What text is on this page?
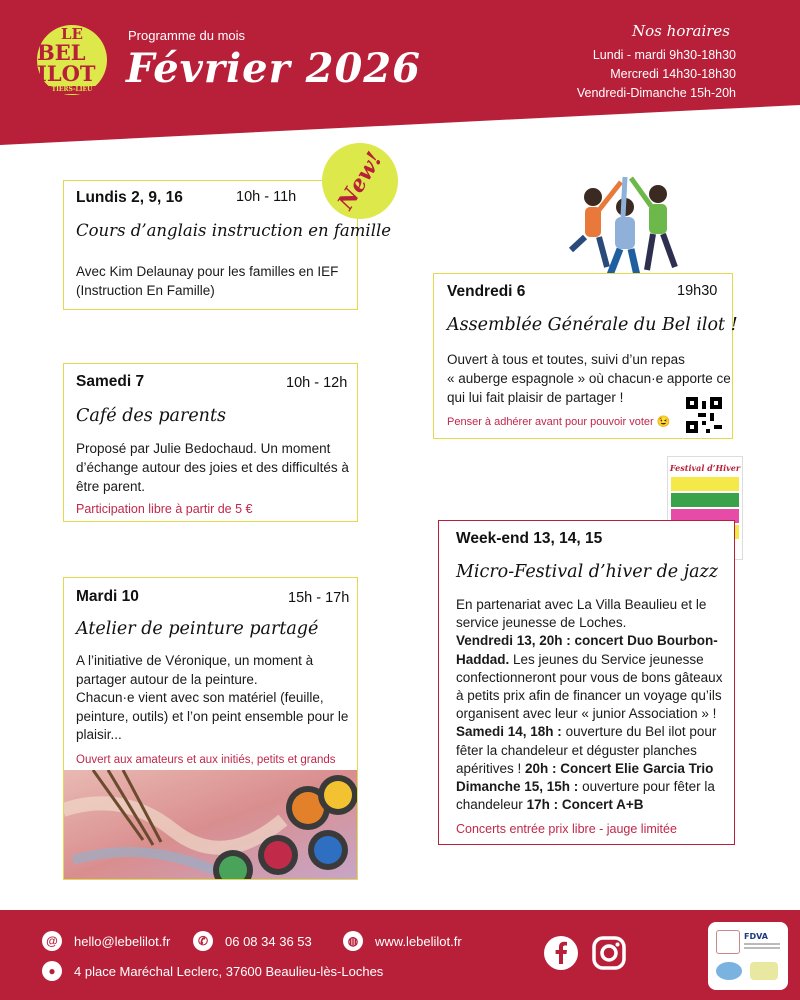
LE
BEL ILOT
TIERS-LIEU
Programme du mois
Février 2026
Nos horaires
Lundi - mardi 9h30-18h30
Mercredi 14h30-18h30
Vendredi-Dimanche 15h-20h
Lundis 2, 9, 16	10h - 11h
Cours d’anglais instruction en famille
Avec Kim Delaunay pour les familles en IEF
(Instruction En Famille)
New!
Samedi 7	10h - 12h
Café des parents
Proposé par Julie Bedochaud. Un moment
d’échange autour des joies et des difficultés à
être parent.
Participation libre à partir de 5 €
Mardi 10	15h - 17h
Atelier de peinture partagé
A l’initiative de Véronique, un moment à
partager autour de la peinture.
Chacun·e vient avec son matériel (feuille,
peinture, outils) et l’on peint ensemble pour le
plaisir...
Ouvert aux amateurs et aux initiés, petits et grands
Vendredi 6	19h30
Assemblée Générale du Bel ilot !
Ouvert à tous et toutes, suivi d’un repas
« auberge espagnole » où chacun·e apporte ce
qui lui fait plaisir de partager !
Penser à adhérer avant pour pouvoir voter 😉
Festival d’Hiver
Week-end 13, 14, 15
Micro-Festival d’hiver de jazz
En partenariat avec La Villa Beaulieu et le
service jeunesse de Loches.
Vendredi 13, 20h : concert Duo Bourbon-
Haddad. Les jeunes du Service jeunesse
confectionneront pour vous de bons gâteaux
à petits prix afin de financer un voyage qu’ils
organisent avec leur « junior Association » !
Samedi 14, 18h : ouverture du Bel ilot pour
fêter la chandeleur et déguster planches
apéritives ! 20h : Concert Elie Garcia Trio
Dimanche 15, 15h : ouverture pour fêter la
chandeleur 17h : Concert A+B
Concerts entrée prix libre - jauge limitée
@	hello@lebelilot.fr	✆	06 08 34 36 53	◍	www.lebelilot.fr
●	4 place Maréchal Leclerc, 37600 Beaulieu-lès-Loches
FDVA
